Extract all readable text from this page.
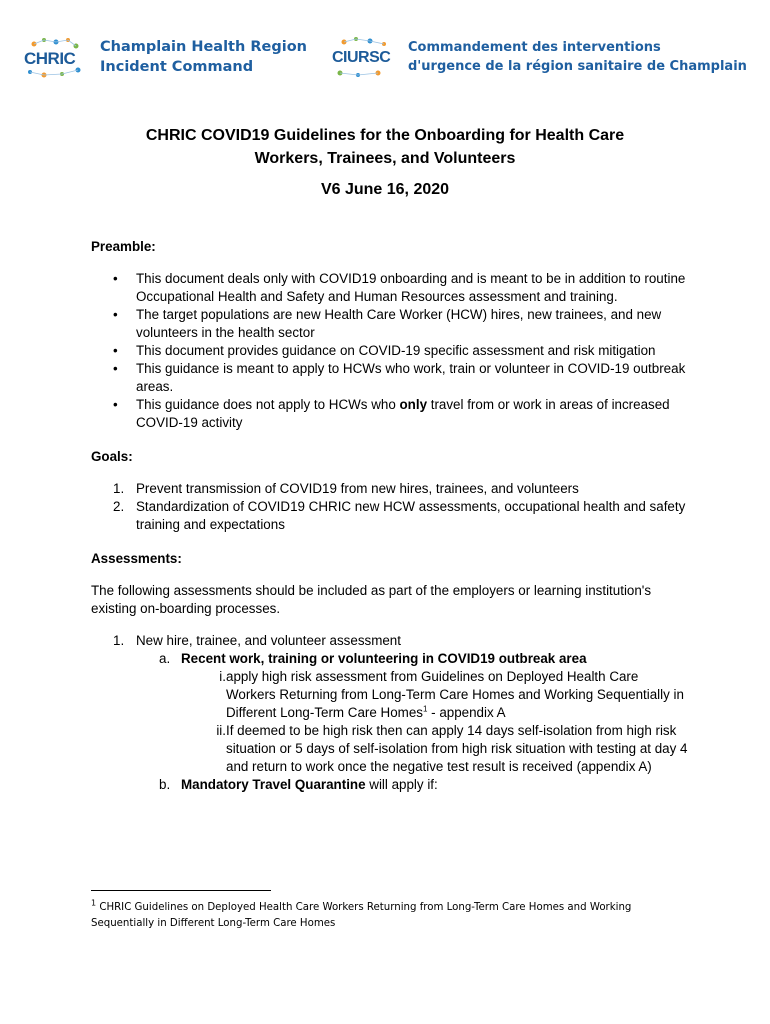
CHRIC
Champlain Health Region
Incident Command
CIURSC
Commandement des interventions
d'urgence de la région sanitaire de Champlain
CHRIC COVID19 Guidelines for the Onboarding for Health Care
Workers, Trainees, and Volunteers
V6 June 16, 2020

Preamble:

• This document deals only with COVID19 onboarding and is meant to be in addition to routine Occupational Health and Safety and Human Resources assessment and training.
• The target populations are new Health Care Worker (HCW) hires, new trainees, and new volunteers in the health sector
• This document provides guidance on COVID-19 specific assessment and risk mitigation
• This guidance is meant to apply to HCWs who work, train or volunteer in COVID-19 outbreak areas.
• This guidance does not apply to HCWs who only travel from or work in areas of increased COVID-19 activity

Goals:

1. Prevent transmission of COVID19 from new hires, trainees, and volunteers
2. Standardization of COVID19 CHRIC new HCW assessments, occupational health and safety training and expectations

Assessments:

The following assessments should be included as part of the employers or learning institution's existing on-boarding processes.

1. New hire, trainee, and volunteer assessment
a. Recent work, training or volunteering in COVID19 outbreak area
i. apply high risk assessment from Guidelines on Deployed Health Care Workers Returning from Long-Term Care Homes and Working Sequentially in Different Long-Term Care Homes$^1$ - appendix A
ii. If deemed to be high risk then can apply 14 days self-isolation from high risk situation or 5 days of self-isolation from high risk situation with testing at day 4 and return to work once the negative test result is received (appendix A)
b. Mandatory Travel Quarantine will apply if:
$^1$ CHRIC Guidelines on Deployed Health Care Workers Returning from Long-Term Care Homes and Working Sequentially in Different Long-Term Care Homes
